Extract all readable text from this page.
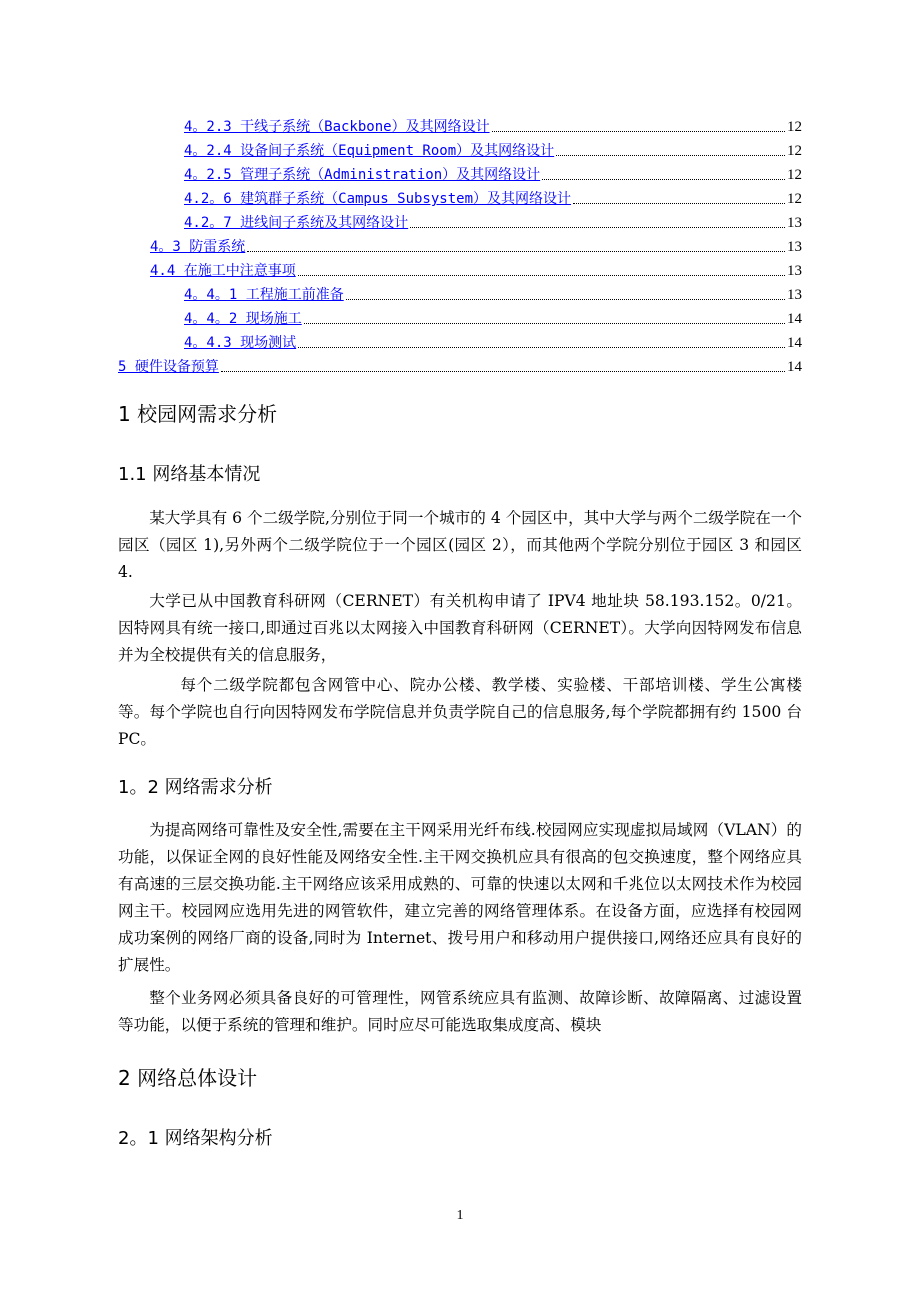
4。2.3 干线子系统（Backbone）及其网络设计	12
4。2.4 设备间子系统（Equipment Room）及其网络设计	12
4。2.5 管理子系统（Administration）及其网络设计	12
4.2。6 建筑群子系统（Campus Subsystem）及其网络设计	12
4.2。7 进线间子系统及其网络设计	13
4。3 防雷系统	13
4.4 在施工中注意事项	13
4。4。1 工程施工前准备	13
4。4。2 现场施工	14
4。4.3 现场测试	14
5 硬件设备预算	14
1 校园网需求分析
1.1 网络基本情况
某大学具有 6 个二级学院,分别位于同一个城市的 4 个园区中，其中大学与两个二级学院在一个园区（园区 1),另外两个二级学院位于一个园区(园区 2），而其他两个学院分别位于园区 3 和园区 4.
大学已从中国教育科研网（CERNET）有关机构申请了 IPV4 地址块 58.193.152。0/21。因特网具有统一接口,即通过百兆以太网接入中国教育科研网（CERNET）。大学向因特网发布信息并为全校提供有关的信息服务，
每个二级学院都包含网管中心、院办公楼、教学楼、实验楼、干部培训楼、学生公寓楼等。每个学院也自行向因特网发布学院信息并负责学院自己的信息服务,每个学院都拥有约 1500 台 PC。
1。2 网络需求分析
为提高网络可靠性及安全性,需要在主干网采用光纤布线.校园网应实现虚拟局域网（VLAN）的功能，以保证全网的良好性能及网络安全性.主干网交换机应具有很高的包交换速度，整个网络应具有高速的三层交换功能.主干网络应该采用成熟的、可靠的快速以太网和千兆位以太网技术作为校园网主干。校园网应选用先进的网管软件，建立完善的网络管理体系。在设备方面，应选择有校园网成功案例的网络厂商的设备,同时为 Internet、拨号用户和移动用户提供接口,网络还应具有良好的扩展性。
整个业务网必须具备良好的可管理性，网管系统应具有监测、故障诊断、故障隔离、过滤设置等功能，以便于系统的管理和维护。同时应尽可能选取集成度高、模块
2 网络总体设计
2。1 网络架构分析
1
